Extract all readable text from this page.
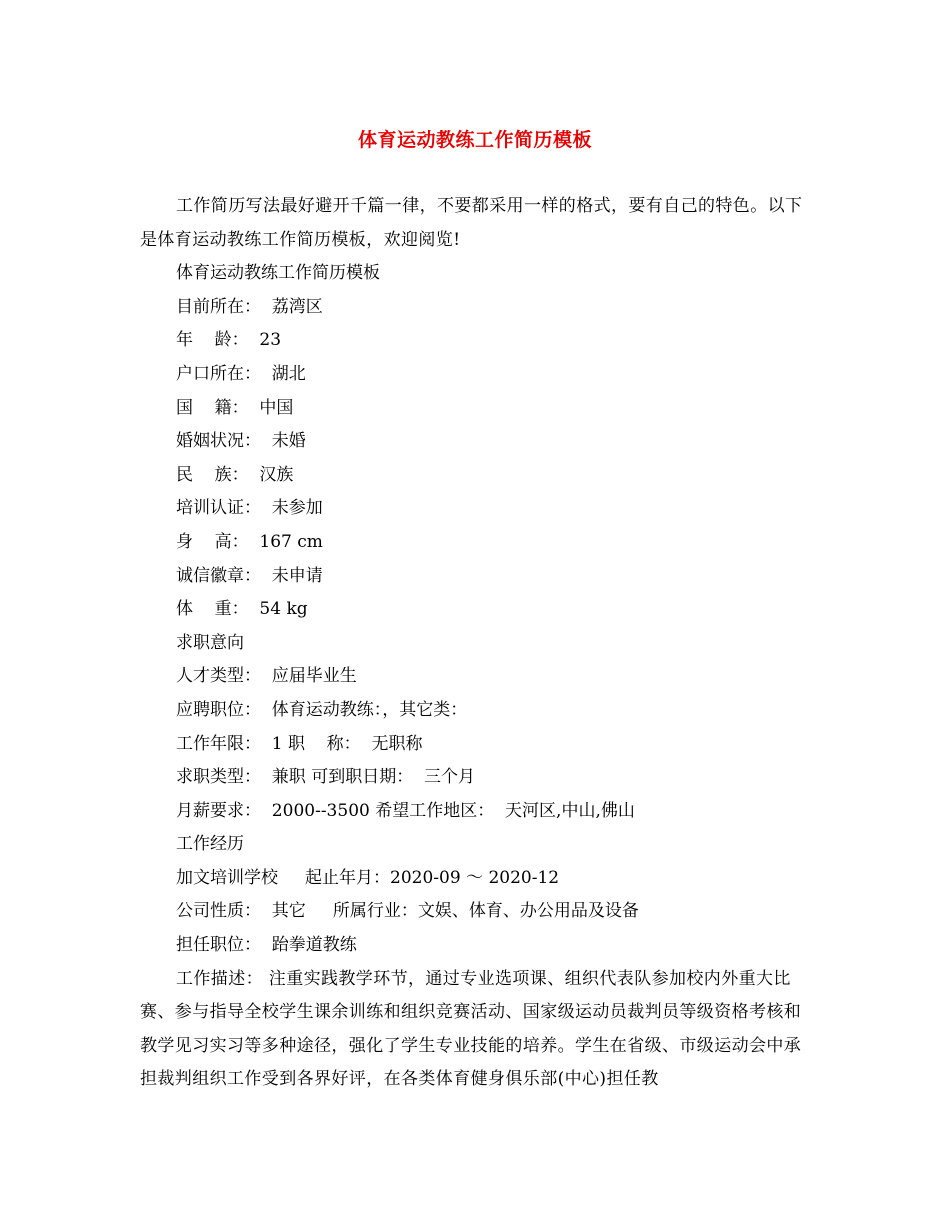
体育运动教练工作简历模板

工作简历写法最好避开千篇一律，不要都采用一样的格式，要有自己的特色。以下是体育运动教练工作简历模板，欢迎阅览!

体育运动教练工作简历模板
目前所在：  荔湾区
年    龄：  23
户口所在：  湖北
国    籍：  中国
婚姻状况：  未婚
民    族：  汉族
培训认证：  未参加
身    高：  167 cm
诚信徽章：  未申请
体    重：  54 kg
求职意向
人才类型：  应届毕业生
应聘职位：  体育运动教练：，其它类：
工作年限：  1 职    称：  无职称
求职类型：  兼职 可到职日期：  三个月
月薪要求：  2000--3500 希望工作地区：  天河区,中山,佛山
工作经历
加文培训学校     起止年月：2020-09 ～ 2020-12
公司性质：  其它     所属行业：文娱、体育、办公用品及设备
担任职位：  跆拳道教练

工作描述： 注重实践教学环节，通过专业选项课、组织代表队参加校内外重大比赛、参与指导全校学生课余训练和组织竞赛活动、国家级运动员裁判员等级资格考核和教学见习实习等多种途径，强化了学生专业技能的培养。学生在省级、市级运动会中承担裁判组织工作受到各界好评，在各类体育健身俱乐部(中心)担任教
